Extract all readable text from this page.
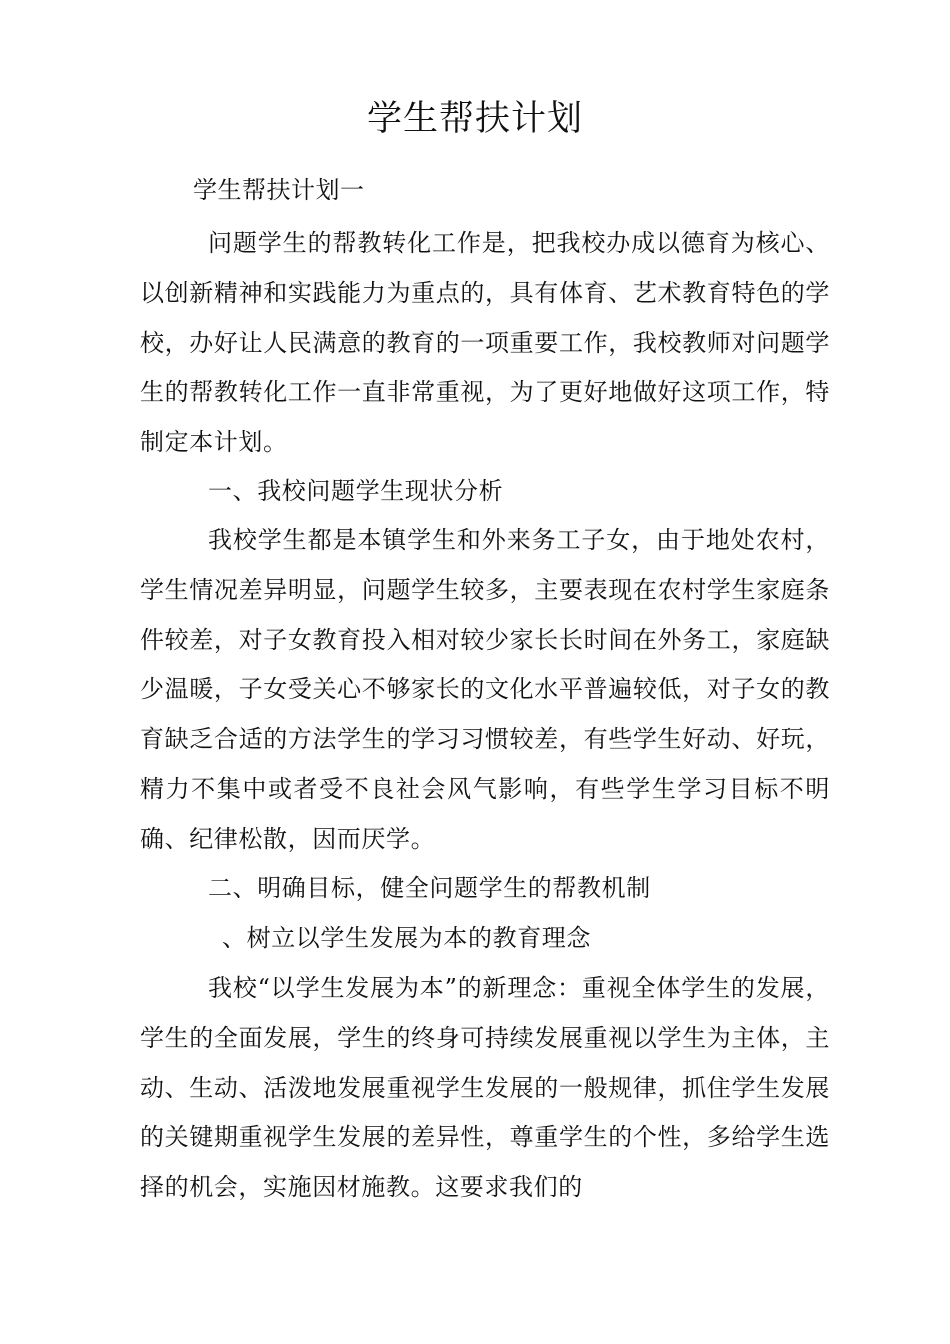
学生帮扶计划
学生帮扶计划一
问题学生的帮教转化工作是，把我校办成以德育为核心、以创新精神和实践能力为重点的，具有体育、艺术教育特色的学校，办好让人民满意的教育的一项重要工作，我校教师对问题学生的帮教转化工作一直非常重视，为了更好地做好这项工作，特制定本计划。
一、我校问题学生现状分析
我校学生都是本镇学生和外来务工子女，由于地处农村，学生情况差异明显，问题学生较多，主要表现在农村学生家庭条件较差，对子女教育投入相对较少家长长时间在外务工，家庭缺少温暖，子女受关心不够家长的文化水平普遍较低，对子女的教育缺乏合适的方法学生的学习习惯较差，有些学生好动、好玩，精力不集中或者受不良社会风气影响，有些学生学习目标不明确、纪律松散，因而厌学。
二、明确目标，健全问题学生的帮教机制
、树立以学生发展为本的教育理念
我校“以学生发展为本”的新理念：重视全体学生的发展，学生的全面发展，学生的终身可持续发展重视以学生为主体，主动、生动、活泼地发展重视学生发展的一般规律，抓住学生发展的关键期重视学生发展的差异性，尊重学生的个性，多给学生选择的机会，实施因材施教。这要求我们的
